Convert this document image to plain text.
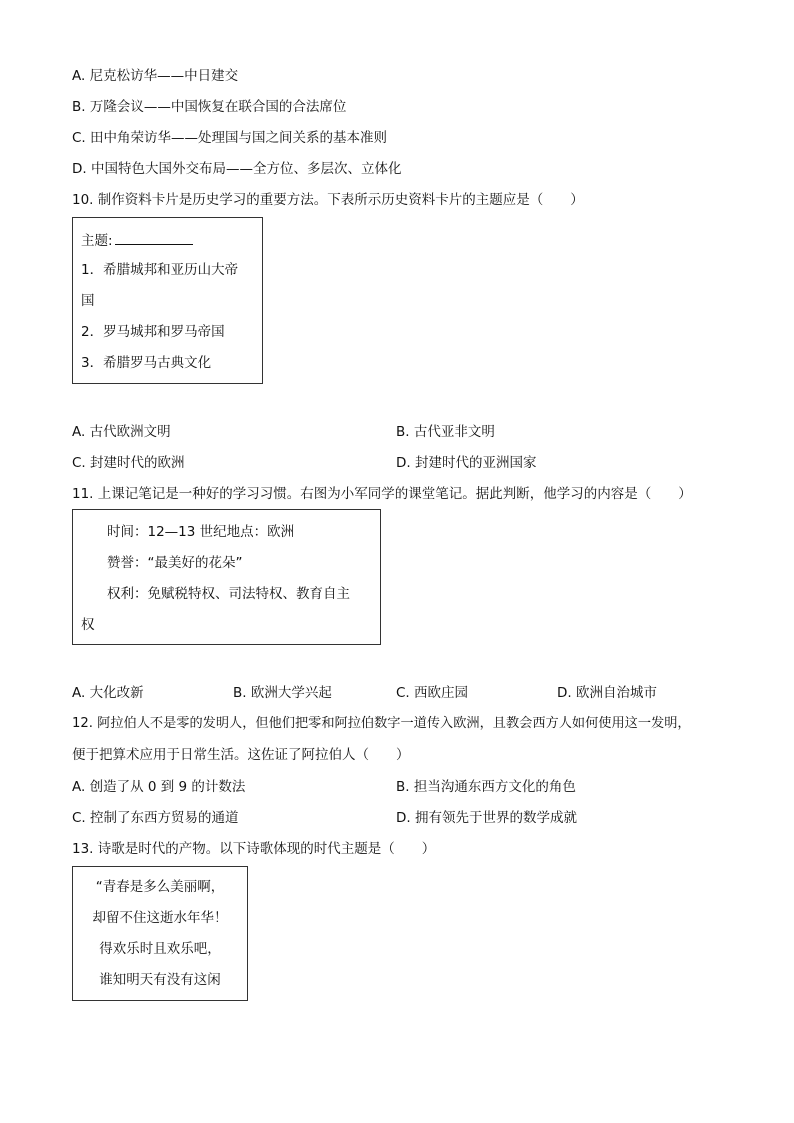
A. 尼克松访华——中日建交
B. 万隆会议——中国恢复在联合国的合法席位
C. 田中角荣访华——处理国与国之间关系的基本准则
D. 中国特色大国外交布局——全方位、多层次、立体化
10. 制作资料卡片是历史学习的重要方法。下表所示历史资料卡片的主题应是（　　）
主题:
1．希腊城邦和亚历山大帝
国
2．罗马城邦和罗马帝国
3．希腊罗马古典文化
A. 古代欧洲文明	B. 古代亚非文明
C. 封建时代的欧洲	D. 封建时代的亚洲国家
11. 上课记笔记是一种好的学习习惯。右图为小军同学的课堂笔记。据此判断，他学习的内容是（　　）
时间：12—13 世纪地点：欧洲
赞誉：“最美好的花朵”
权利：免赋税特权、司法特权、教育自主
权
A. 大化改新	B. 欧洲大学兴起	C. 西欧庄园	D. 欧洲自治城市
12. 阿拉伯人不是零的发明人，但他们把零和阿拉伯数字一道传入欧洲，且教会西方人如何使用这一发明，
便于把算术应用于日常生活。这佐证了阿拉伯人（　　）
A. 创造了从 0 到 9 的计数法	B. 担当沟通东西方文化的角色
C. 控制了东西方贸易的通道	D. 拥有领先于世界的数学成就
13. 诗歌是时代的产物。以下诗歌体现的时代主题是（　　）
“青春是多么美丽啊，
却留不住这逝水年华！
得欢乐时且欢乐吧，
谁知明天有没有这闲
